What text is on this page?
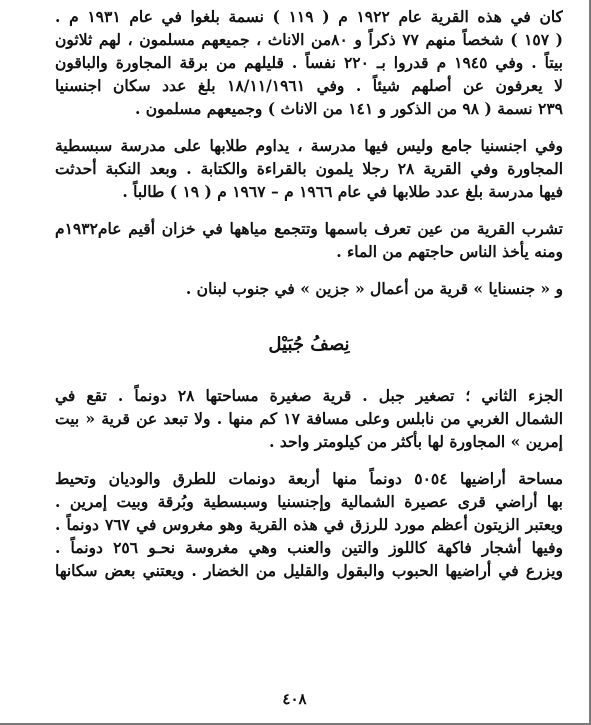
كان في هذه القرية عام ١٩٢٢ م ( ١١٩ ) نسمة بلغوا في عام ١٩٣١ م .
( ١٥٧ ) شخصاً منهم ٧٧ ذكراً و ٨٠من الاناث ، جميعهم مسلمون ، لهم ثلاثون
بيتاً . وفي ١٩٤٥ م قدروا بـ ٢٢٠ نفساً . قليلهم من برقة المجاورة والباقون
لا يعرفون عن أصلهم شيئاً . وفي ١٨/١١/١٩٦١ بلغ عدد سكان اجنسنيا
٢٣٩ نسمة ( ٩٨ من الذكور و ١٤١ من الاناث ) وجميعهم مسلمون .
وفي اجنسنيا جامع وليس فيها مدرسة ، يداوم طلابها على مدرسة سبسطية
المجاورة وفي القرية ٢٨ رجلا يلمون بالقراءة والكتابة . وبعد النكبة أحدثت
فيها مدرسة بلغ عدد طلابها في عام ١٩٦٦ م – ١٩٦٧ م ( ١٩ ) طالباً .
تشرب القرية من عين تعرف باسمها وتتجمع مياهها في خزان أقيم عام١٩٣٢م
ومنه يأخذ الناس حاجتهم من الماء .
و « جنسنايا » قرية من أعمال « جزين » في جنوب لبنان .
نِصفُ جُبَيْل
الجزء الثاني ؛ تصغير جبل . قرية صغيرة مساحتها ٢٨ دونماً . تقع في
الشمال الغربي من نابلس وعلى مسافة ١٧ كم منها . ولا تبعد عن قرية « بيت
إمرين » المجاورة لها بأكثر من كيلومتر واحد .
مساحة أراضيها ٥٠٥٤ دونماً منها أربعة دونمات للطرق والوديان وتحيط
بها أراضي قرى عصيرة الشمالية وإجنسنيا وسبسطية وبُرقة وبيت إمرين .
ويعتبر الزيتون أعظم مورد للرزق في هذه القرية وهو مغروس في ٧٦٧ دونماً .
وفيها أشجار فاكهة كاللوز والتين والعنب وهي مغروسة نحـو ٢٥٦ دونماً .
ويزرع في أراضيها الحبوب والبقول والقليل من الخضار . ويعتني بعض سكانها
٤٠٨
